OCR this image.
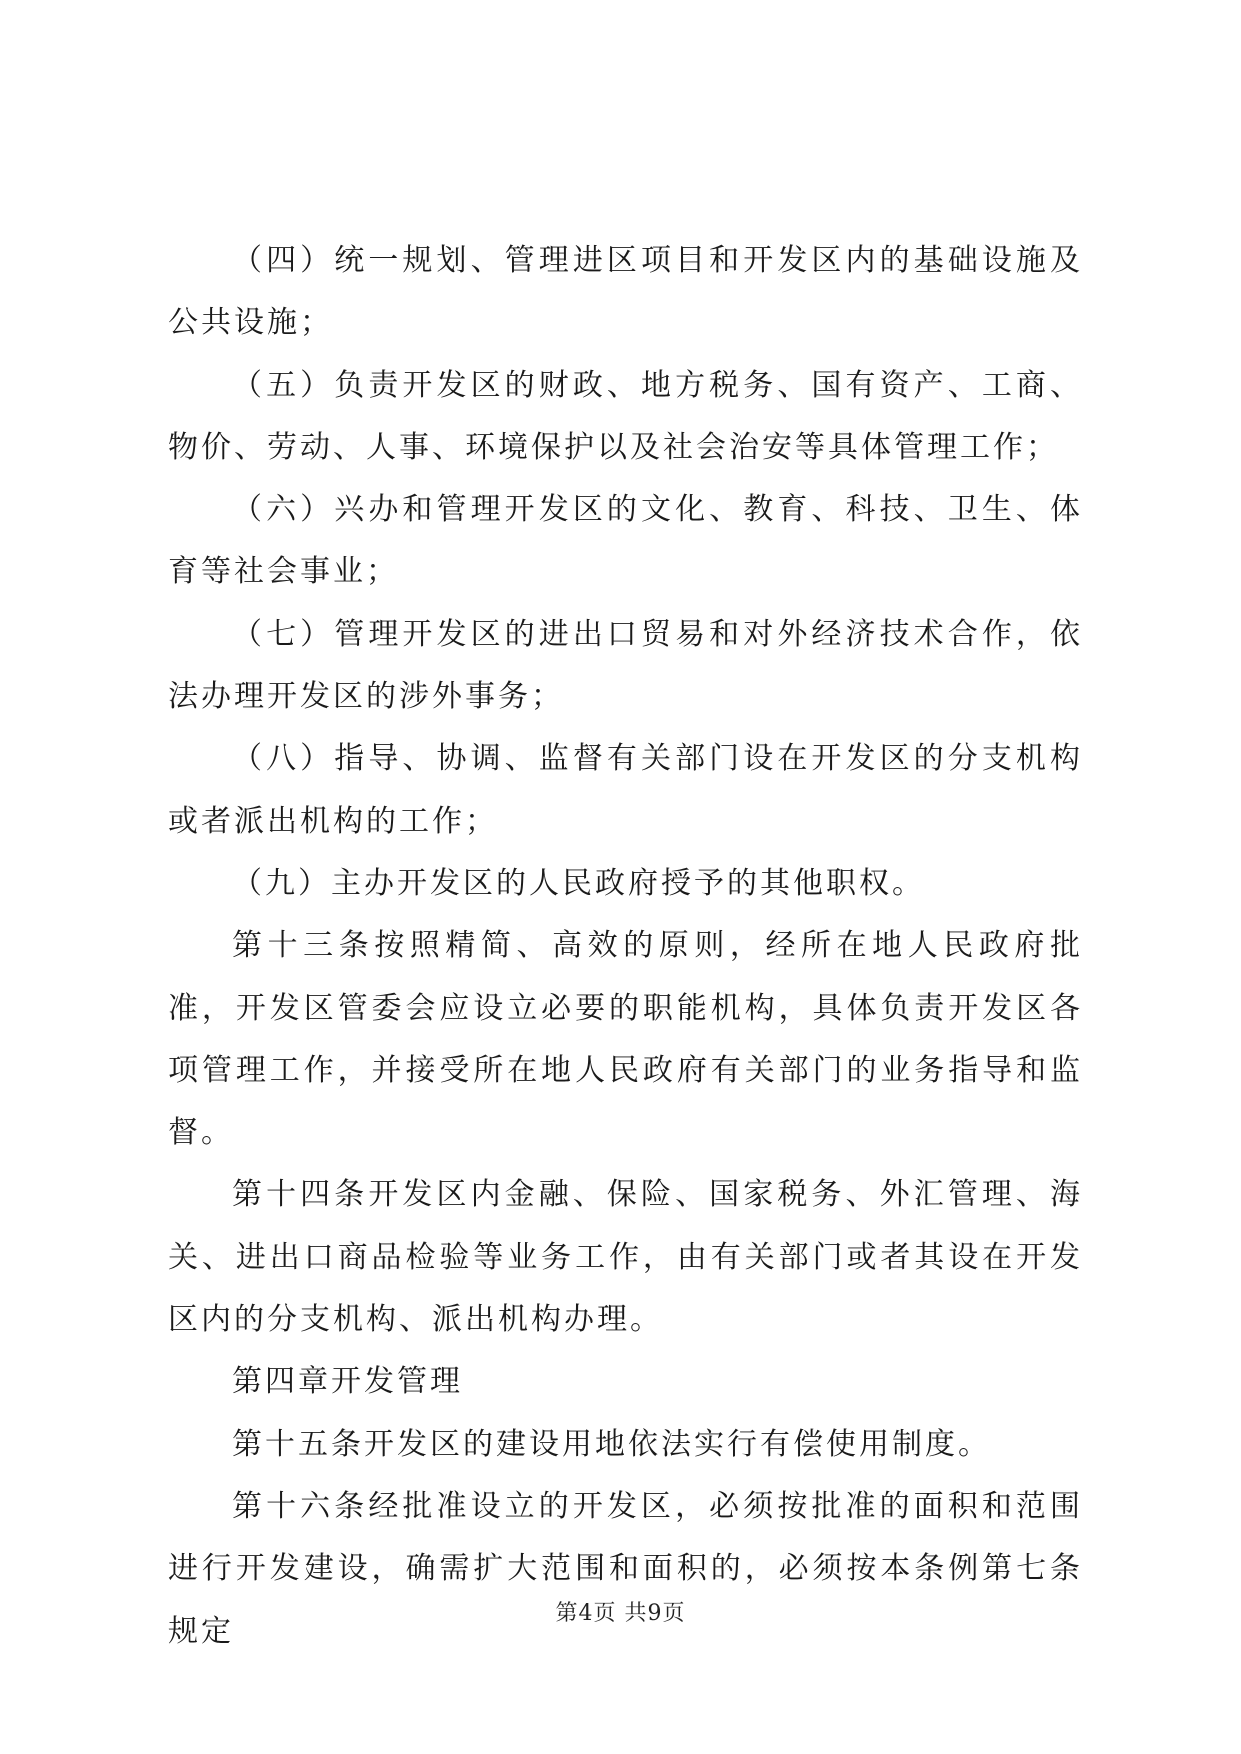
（四）统一规划、管理进区项目和开发区内的基础设施及公共设施；

（五）负责开发区的财政、地方税务、国有资产、工商、物价、劳动、人事、环境保护以及社会治安等具体管理工作；

（六）兴办和管理开发区的文化、教育、科技、卫生、体育等社会事业；

（七）管理开发区的进出口贸易和对外经济技术合作，依法办理开发区的涉外事务；

（八）指导、协调、监督有关部门设在开发区的分支机构或者派出机构的工作；

（九）主办开发区的人民政府授予的其他职权。

第十三条按照精简、高效的原则，经所在地人民政府批准，开发区管委会应设立必要的职能机构，具体负责开发区各项管理工作，并接受所在地人民政府有关部门的业务指导和监督。

第十四条开发区内金融、保险、国家税务、外汇管理、海关、进出口商品检验等业务工作，由有关部门或者其设在开发区内的分支机构、派出机构办理。

第四章开发管理

第十五条开发区的建设用地依法实行有偿使用制度。

第十六条经批准设立的开发区，必须按批准的面积和范围进行开发建设，确需扩大范围和面积的，必须按本条例第七条规定

第4页 共9页
